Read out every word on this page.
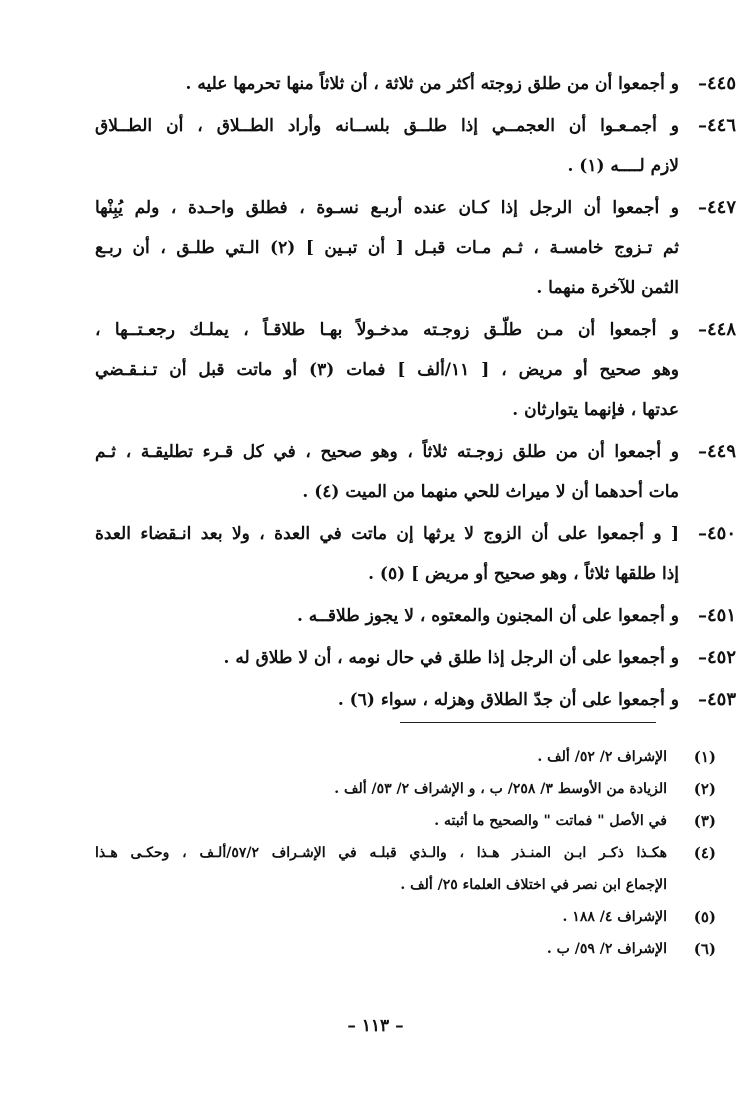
٤٤٥–
و أجمعوا أن من طلق زوجته أكثر من ثلاثة ، أن ثلاثاً منها تحرمها عليه .
٤٤٦–
و أجمـعـوا أن العجمــي إذا طلــق بلســانه وأراد الطــلاق ، أن الطــلاق
لازم لــــه (١) .
٤٤٧–
و أجمعوا أن الرجل إذا كـان عنده أربـع نسـوة ، فطلق واحـدة ، ولم يُبِنْها
ثم تـزوج خامسـة ، ثـم مـات قبـل [ أن تبـين ] (٢) الـتي طلـق ، أن ربـع
الثمن للآخرة منهما .
٤٤٨–
و أجمعوا أن مـن طلّـق زوجـته مدخـولاً بهـا طلاقـاً ، يملـك رجعـتــها ،
وهو صحيح أو مريض ، [ ١١/ألف ] فمات (٣) أو ماتت قبل أن تـنـقـضي
عدتها ، فإنهما يتوارثان .
٤٤٩–
و أجمعوا أن من طلق زوجـته ثلاثاً ، وهو صحيح ، في كل قـرء تطليقـة ، ثـم
مات أحدهما أن لا ميراث للحي منهما من الميت (٤) .
٤٥٠–
[ و أجمعوا على أن الزوج لا يرثها إن ماتت في العدة ، ولا بعد انـقضاء العدة
إذا طلقها ثلاثاً ، وهو صحيح أو مريض ] (٥) .
٤٥١–
و أجمعوا على أن المجنون والمعتوه ، لا يجوز طلاقــه .
٤٥٢–
و أجمعوا على أن الرجل إذا طلق في حال نومه ، أن لا طلاق له .
٤٥٣–
و أجمعوا على أن جدّ الطلاق وهزله ، سواء (٦) .
(١)
الإشراف ٢/ ٥٢/ ألف .
(٢)
الزيادة من الأوسط ٣/ ٢٥٨/ ب ، و الإشراف ٢/ ٥٣/ ألف .
(٣)
في الأصل " فماتت " والصحيح ما أثبته .
(٤)
هكـذا ذكـر ابـن المنـذر هـذا ، والـذي قبلـه في الإشـراف ٥٧/٢/ألـف ، وحكـى هـذا
الإجماع ابن نصر في اختلاف العلماء ٢٥/ ألف .
(٥)
الإشراف ٤/ ١٨٨ .
(٦)
الإشراف ٢/ ٥٩/ ب .
– ١١٣ –
